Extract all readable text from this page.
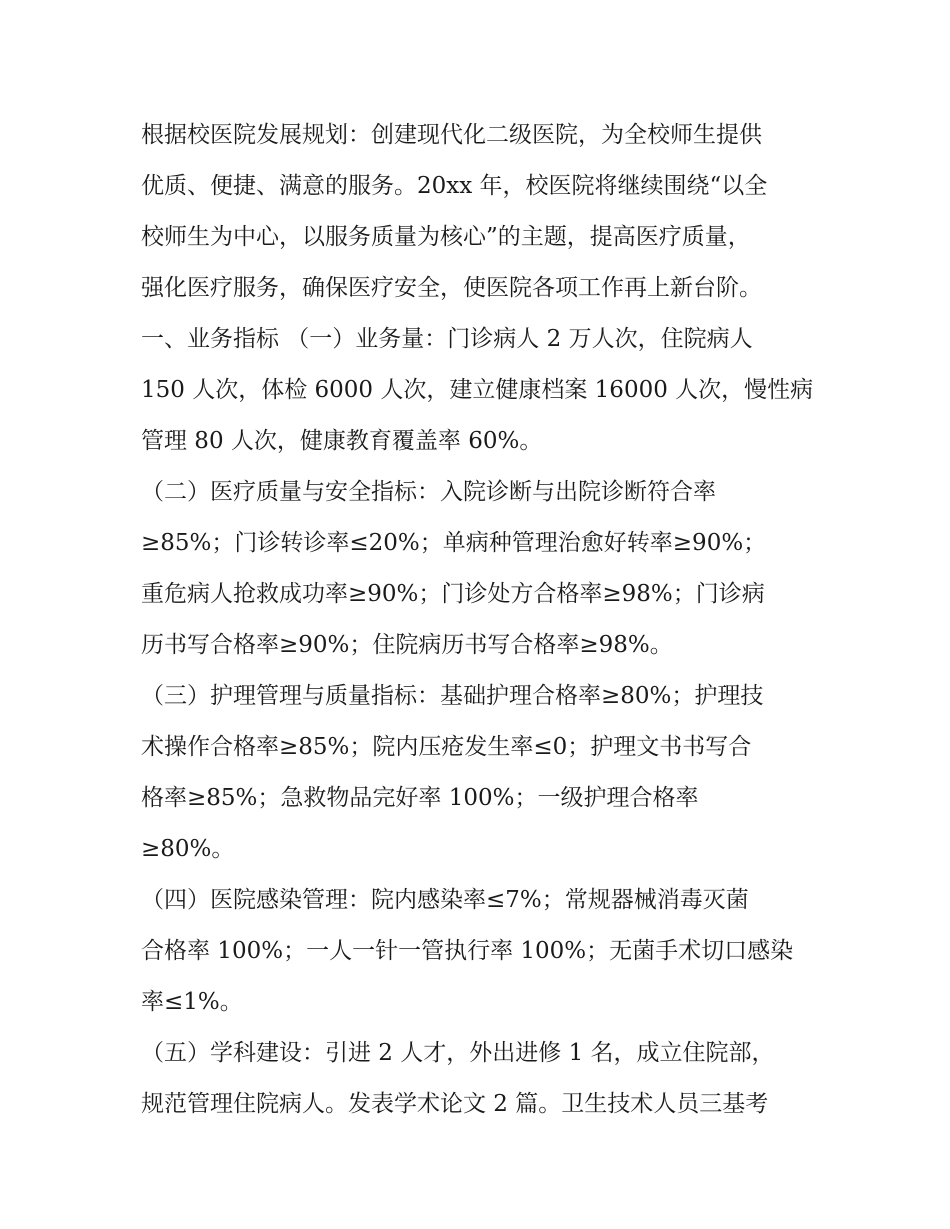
根据校医院发展规划：创建现代化二级医院，为全校师生提供
优质、便捷、满意的服务。20xx 年，校医院将继续围绕“以全
校师生为中心，以服务质量为核心”的主题，提高医疗质量，
强化医疗服务，确保医疗安全，使医院各项工作再上新台阶。
一、业务指标 （一）业务量：门诊病人 2 万人次，住院病人
150 人次，体检 6000 人次，建立健康档案 16000 人次，慢性病
管理 80 人次，健康教育覆盖率 60%。
（二）医疗质量与安全指标：入院诊断与出院诊断符合率
≥85%；门诊转诊率≤20%；单病种管理治愈好转率≥90%；
重危病人抢救成功率≥90%；门诊处方合格率≥98%；门诊病
历书写合格率≥90%；住院病历书写合格率≥98%。
（三）护理管理与质量指标：基础护理合格率≥80%；护理技
术操作合格率≥85%；院内压疮发生率≤0；护理文书书写合
格率≥85%；急救物品完好率 100%；一级护理合格率
≥80%。
（四）医院感染管理：院内感染率≤7%；常规器械消毒灭菌
合格率 100%；一人一针一管执行率 100%；无菌手术切口感染
率≤1%。
（五）学科建设：引进 2 人才，外出进修 1 名，成立住院部，
规范管理住院病人。发表学术论文 2 篇。卫生技术人员三基考
